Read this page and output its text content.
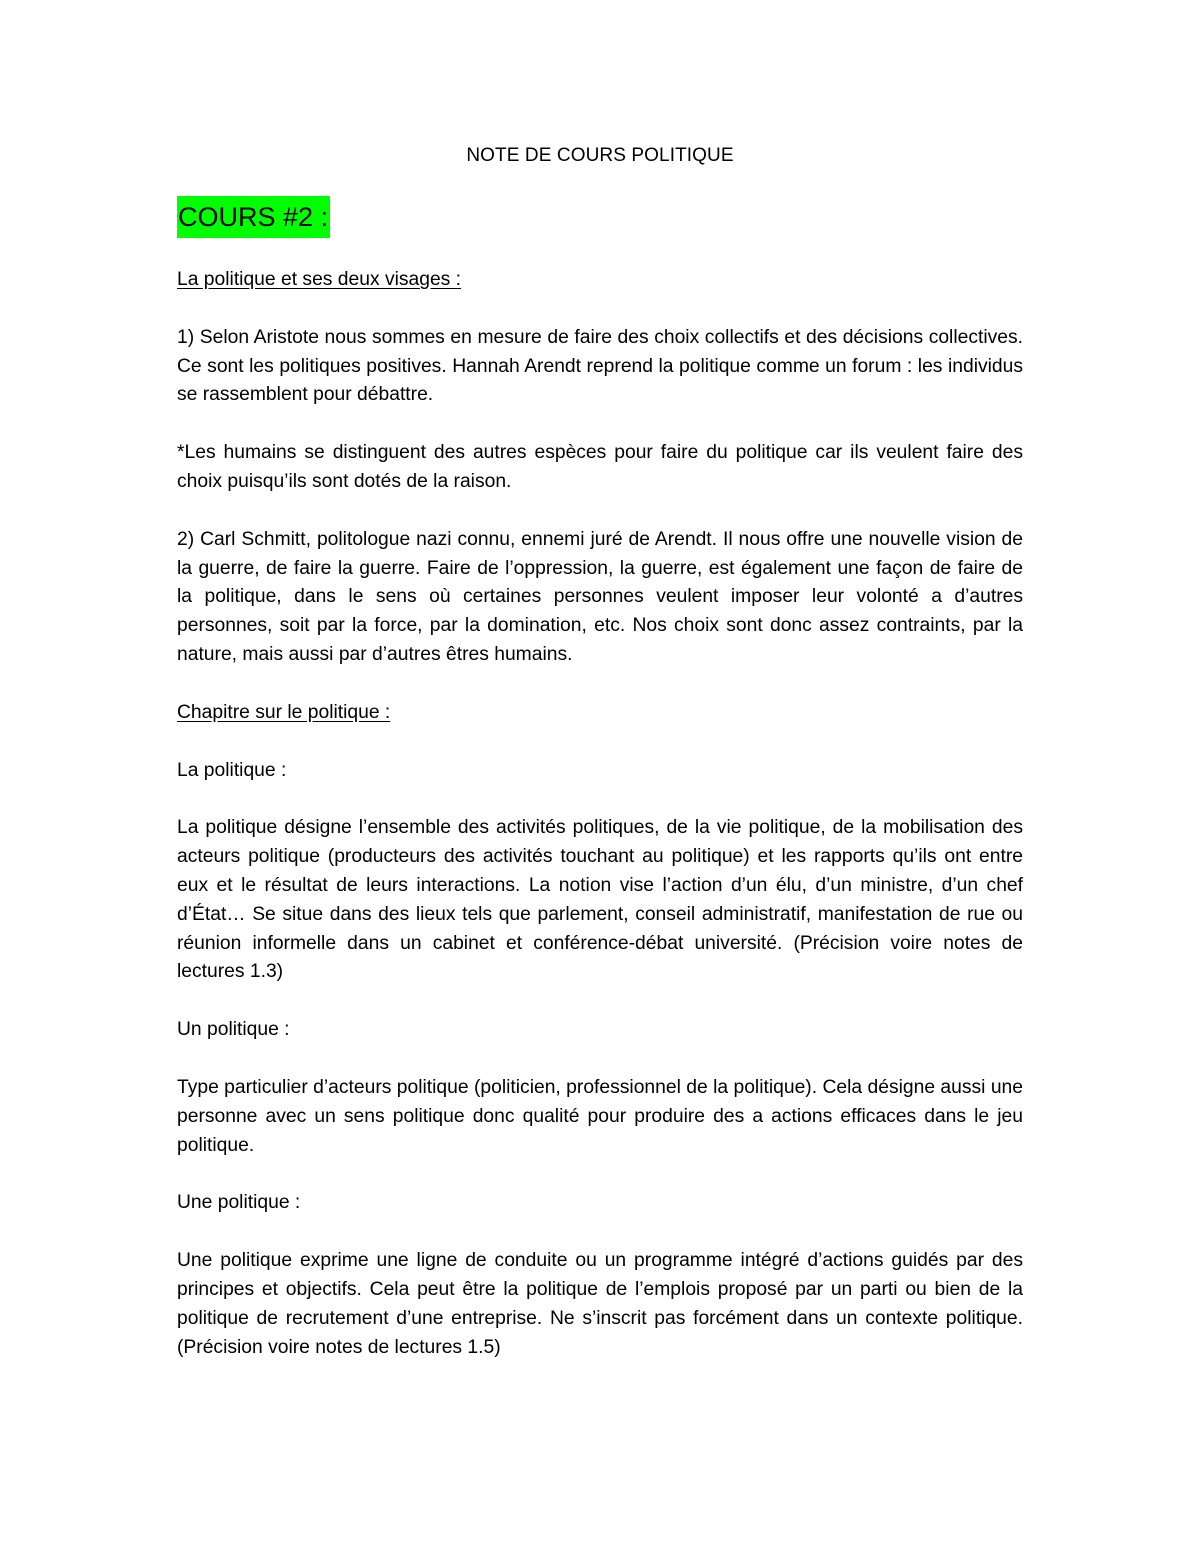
NOTE DE COURS POLITIQUE

COURS #2 :

La politique et ses deux visages :

1) Selon Aristote nous sommes en mesure de faire des choix collectifs et des décisions collectives. Ce sont les politiques positives. Hannah Arendt reprend la politique comme un forum : les individus se rassemblent pour débattre.

*Les humains se distinguent des autres espèces pour faire du politique car ils veulent faire des choix puisqu’ils sont dotés de la raison.

2) Carl Schmitt, politologue nazi connu, ennemi juré de Arendt. Il nous offre une nouvelle vision de la guerre, de faire la guerre. Faire de l’oppression, la guerre, est également une façon de faire de la politique, dans le sens où certaines personnes veulent imposer leur volonté a d’autres personnes, soit par la force, par la domination, etc. Nos choix sont donc assez contraints, par la nature, mais aussi par d’autres êtres humains.

Chapitre sur le politique :

La politique :

La politique désigne l’ensemble des activités politiques, de la vie politique, de la mobilisation des acteurs politique (producteurs des activités touchant au politique) et les rapports qu’ils ont entre eux et le résultat de leurs interactions. La notion vise l’action d’un élu, d’un ministre, d’un chef d’État… Se situe dans des lieux tels que parlement, conseil administratif, manifestation de rue ou réunion informelle dans un cabinet et conférence-débat université. (Précision voire notes de lectures 1.3)

Un politique :

Type particulier d’acteurs politique (politicien, professionnel de la politique). Cela désigne aussi une personne avec un sens politique donc qualité pour produire des a actions efficaces dans le jeu politique.

Une politique :

Une politique exprime une ligne de conduite ou un programme intégré d’actions guidés par des principes et objectifs. Cela peut être la politique de l’emplois proposé par un parti ou bien de la politique de recrutement d’une entreprise. Ne s’inscrit pas forcément dans un contexte politique. (Précision voire notes de lectures 1.5)
